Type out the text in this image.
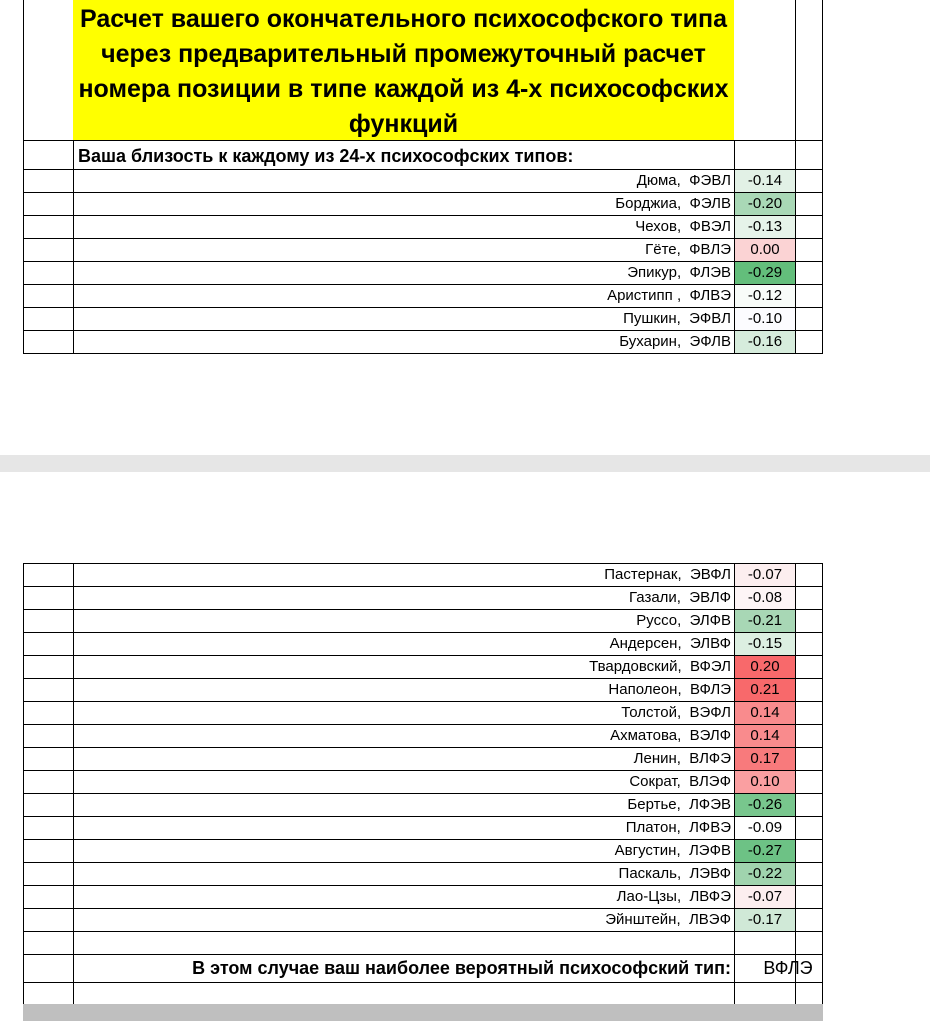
Расчет вашего окончательного психософского типа через предварительный промежуточный расчет номера позиции в типе каждой из 4-х психософских функций
Ваша близость к каждому из 24-х психософских типов:
Дюма,  ФЭВЛ	-0.14
Борджиа,  ФЭЛВ	-0.20
Чехов,  ФВЭЛ	-0.13
Гёте,  ФВЛЭ	0.00
Эпикур,  ФЛЭВ	-0.29
Аристипп ,  ФЛВЭ	-0.12
Пушкин,  ЭФВЛ	-0.10
Бухарин,  ЭФЛВ	-0.16
Пастернак,  ЭВФЛ	-0.07
Газали,  ЭВЛФ	-0.08
Руссо,  ЭЛФВ	-0.21
Андерсен,  ЭЛВФ	-0.15
Твардовский,  ВФЭЛ	0.20
Наполеон,  ВФЛЭ	0.21
Толстой,  ВЭФЛ	0.14
Ахматова,  ВЭЛФ	0.14
Ленин,  ВЛФЭ	0.17
Сократ,  ВЛЭФ	0.10
Бертье,  ЛФЭВ	-0.26
Платон,  ЛФВЭ	-0.09
Августин,  ЛЭФВ	-0.27
Паскаль,  ЛЭВФ	-0.22
Лао-Цзы,  ЛВФЭ	-0.07
Эйнштейн,  ЛВЭФ	-0.17
В этом случае ваш наиболее вероятный психософский тип: ВФЛЭ
